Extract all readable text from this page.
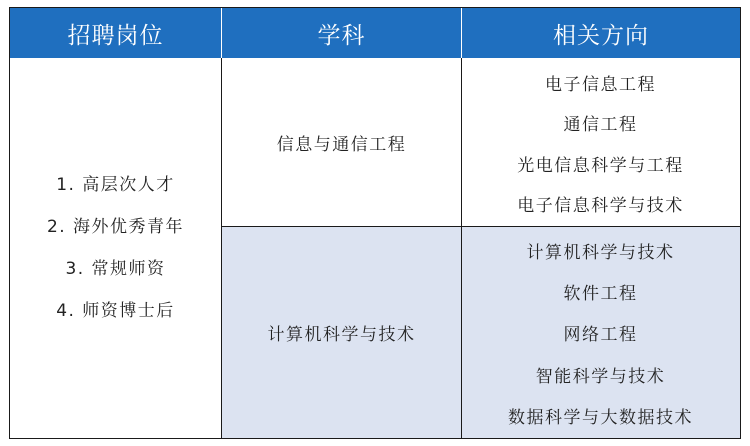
招聘岗位	学科	相关方向
1. 高层次人才
2. 海外优秀青年
3. 常规师资
4. 师资博士后
信息与通信工程
电子信息工程
通信工程
光电信息科学与工程
电子信息科学与技术
计算机科学与技术
计算机科学与技术
软件工程
网络工程
智能科学与技术
数据科学与大数据技术
